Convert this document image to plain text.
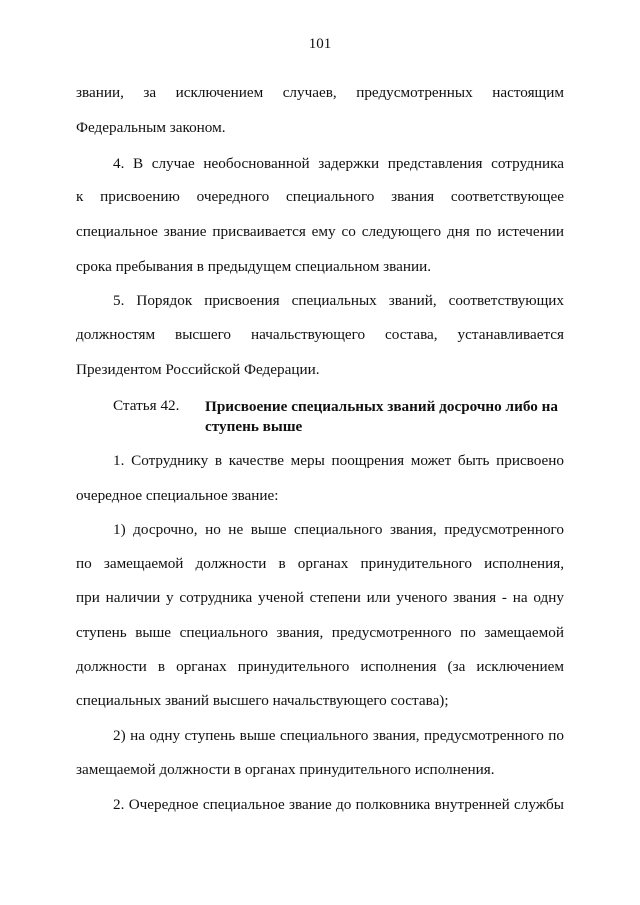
101
звании, за исключением случаев, предусмотренных настоящим
Федеральным законом.
4. В случае необоснованной задержки представления сотрудника
к присвоению очередного специального звания соответствующее
специальное звание присваивается ему со следующего дня по истечении
срока пребывания в предыдущем специальном звании.
5. Порядок присвоения специальных званий, соответствующих
должностям высшего начальствующего состава, устанавливается
Президентом Российской Федерации.
Статья 42. Присвоение специальных званий досрочно либо на ступень выше
1. Сотруднику в качестве меры поощрения может быть присвоено
очередное специальное звание:
1) досрочно, но не выше специального звания, предусмотренного
по замещаемой должности в органах принудительного исполнения,
при наличии у сотрудника ученой степени или ученого звания - на одну
ступень выше специального звания, предусмотренного по замещаемой
должности в органах принудительного исполнения (за исключением
специальных званий высшего начальствующего состава);
2) на одну ступень выше специального звания, предусмотренного по
замещаемой должности в органах принудительного исполнения.
2. Очередное специальное звание до полковника внутренней службы
